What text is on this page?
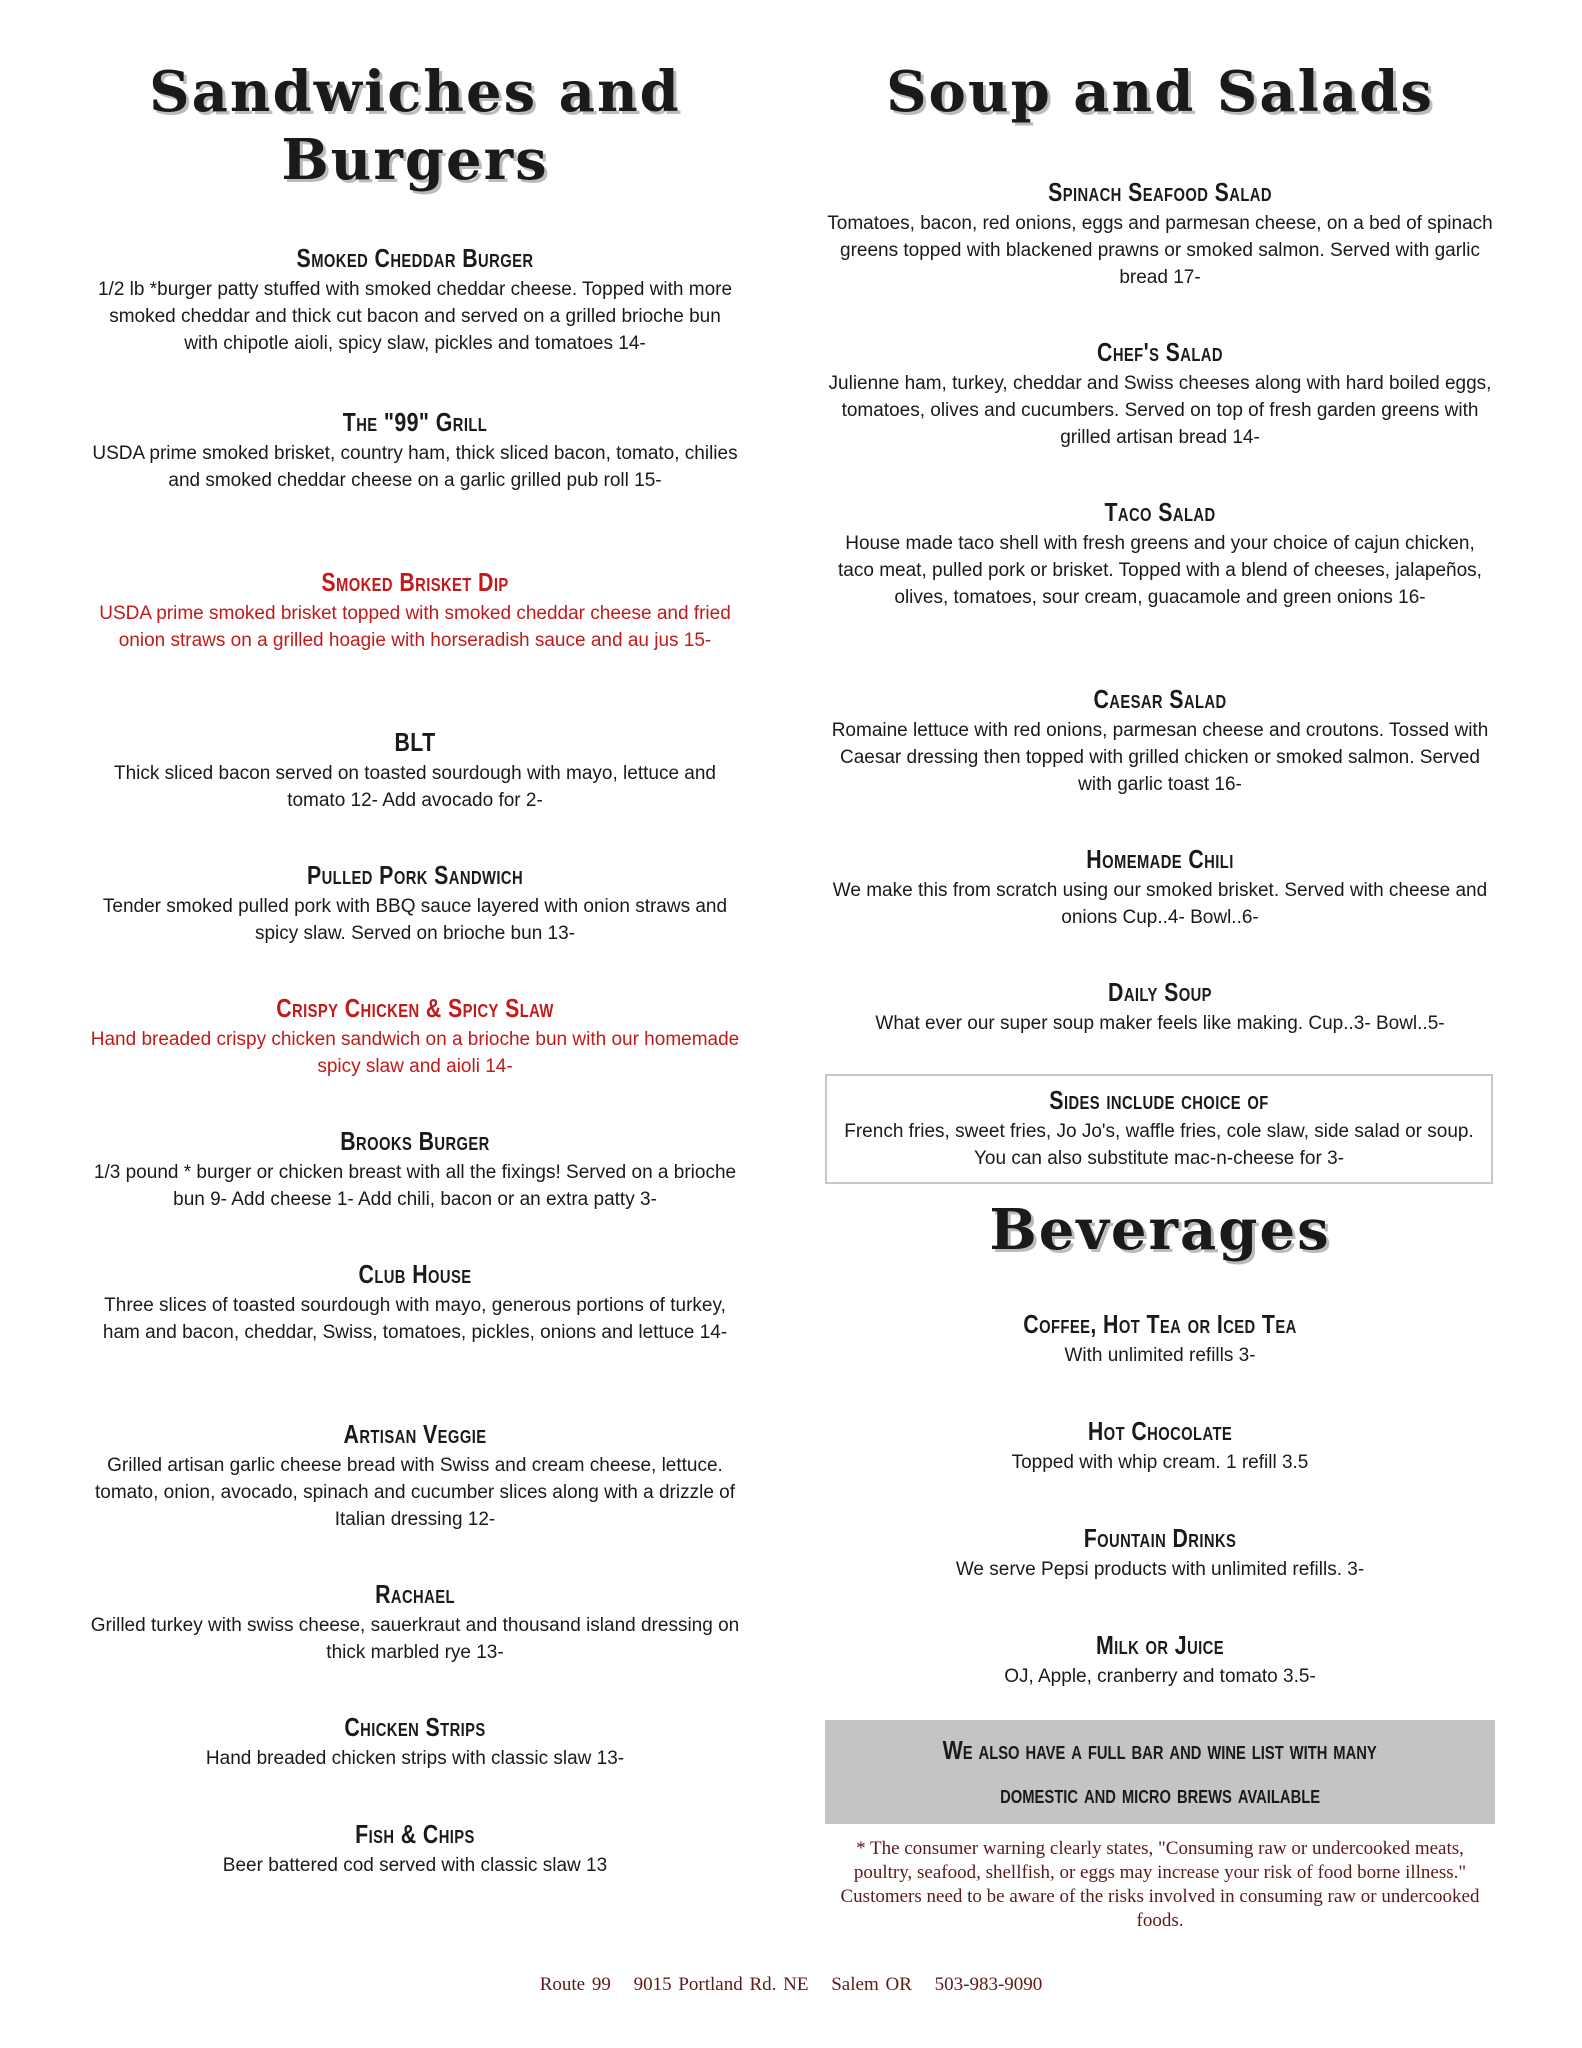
Sandwiches and
Burgers
Smoked Cheddar Burger
1/2 lb *burger patty stuffed with smoked cheddar cheese. Topped with more smoked cheddar and thick cut bacon and served on a grilled brioche bun with chipotle aioli, spicy slaw, pickles and tomatoes 14-
The "99" Grill
USDA prime smoked brisket, country ham, thick sliced bacon, tomato, chilies and smoked cheddar cheese on a garlic grilled pub roll 15-
Smoked Brisket Dip
USDA prime smoked brisket topped with smoked cheddar cheese and fried onion straws on a grilled hoagie with horseradish sauce and au jus 15-
BLT
Thick sliced bacon served on toasted sourdough with mayo, lettuce and tomato 12- Add avocado for 2-
Pulled Pork Sandwich
Tender smoked pulled pork with BBQ sauce layered with onion straws and spicy slaw. Served on brioche bun 13-
Crispy Chicken & Spicy Slaw
Hand breaded crispy chicken sandwich on a brioche bun with our homemade spicy slaw and aioli 14-
Brooks Burger
1/3 pound * burger or chicken breast with all the fixings! Served on a brioche bun 9- Add cheese 1- Add chili, bacon or an extra patty 3-
Club House
Three slices of toasted sourdough with mayo, generous portions of turkey, ham and bacon, cheddar, Swiss, tomatoes, pickles, onions and lettuce 14-
Artisan Veggie
Grilled artisan garlic cheese bread with Swiss and cream cheese, lettuce. tomato, onion, avocado, spinach and cucumber slices along with a drizzle of Italian dressing 12-
Rachael
Grilled turkey with swiss cheese, sauerkraut and thousand island dressing on thick marbled rye 13-
Chicken Strips
Hand breaded chicken strips with classic slaw 13-
Fish & Chips
Beer battered cod served with classic slaw 13
Soup and Salads
Spinach Seafood Salad
Tomatoes, bacon, red onions, eggs and parmesan cheese, on a bed of spinach greens topped with blackened prawns or smoked salmon. Served with garlic bread 17-
Chef's Salad
Julienne ham, turkey, cheddar and Swiss cheeses along with hard boiled eggs, tomatoes, olives and cucumbers. Served on top of fresh garden greens with grilled artisan bread 14-
Taco Salad
House made taco shell with fresh greens and your choice of cajun chicken, taco meat, pulled pork or brisket. Topped with a blend of cheeses, jalapeños, olives, tomatoes, sour cream, guacamole and green onions 16-
Caesar Salad
Romaine lettuce with red onions, parmesan cheese and croutons. Tossed with Caesar dressing then topped with grilled chicken or smoked salmon. Served with garlic toast 16-
Homemade Chili
We make this from scratch using our smoked brisket. Served with cheese and onions Cup..4- Bowl..6-
Daily Soup
What ever our super soup maker feels like making. Cup..3- Bowl..5-
Sides include choice of
French fries, sweet fries, Jo Jo's, waffle fries, cole slaw, side salad or soup. You can also substitute mac-n-cheese for 3-
Beverages
Coffee, Hot Tea or Iced Tea
With unlimited refills 3-
Hot Chocolate
Topped with whip cream. 1 refill 3.5
Fountain Drinks
We serve Pepsi products with unlimited refills. 3-
Milk or Juice
OJ, Apple, cranberry and tomato 3.5-
We also have a full bar and wine list with many
domestic and micro brews available
* The consumer warning clearly states, "Consuming raw or undercooked meats, poultry, seafood, shellfish, or eggs may increase your risk of food borne illness." Customers need to be aware of the risks involved in consuming raw or undercooked foods.
Route 99 9015 Portland Rd. NE Salem OR 503-983-9090
